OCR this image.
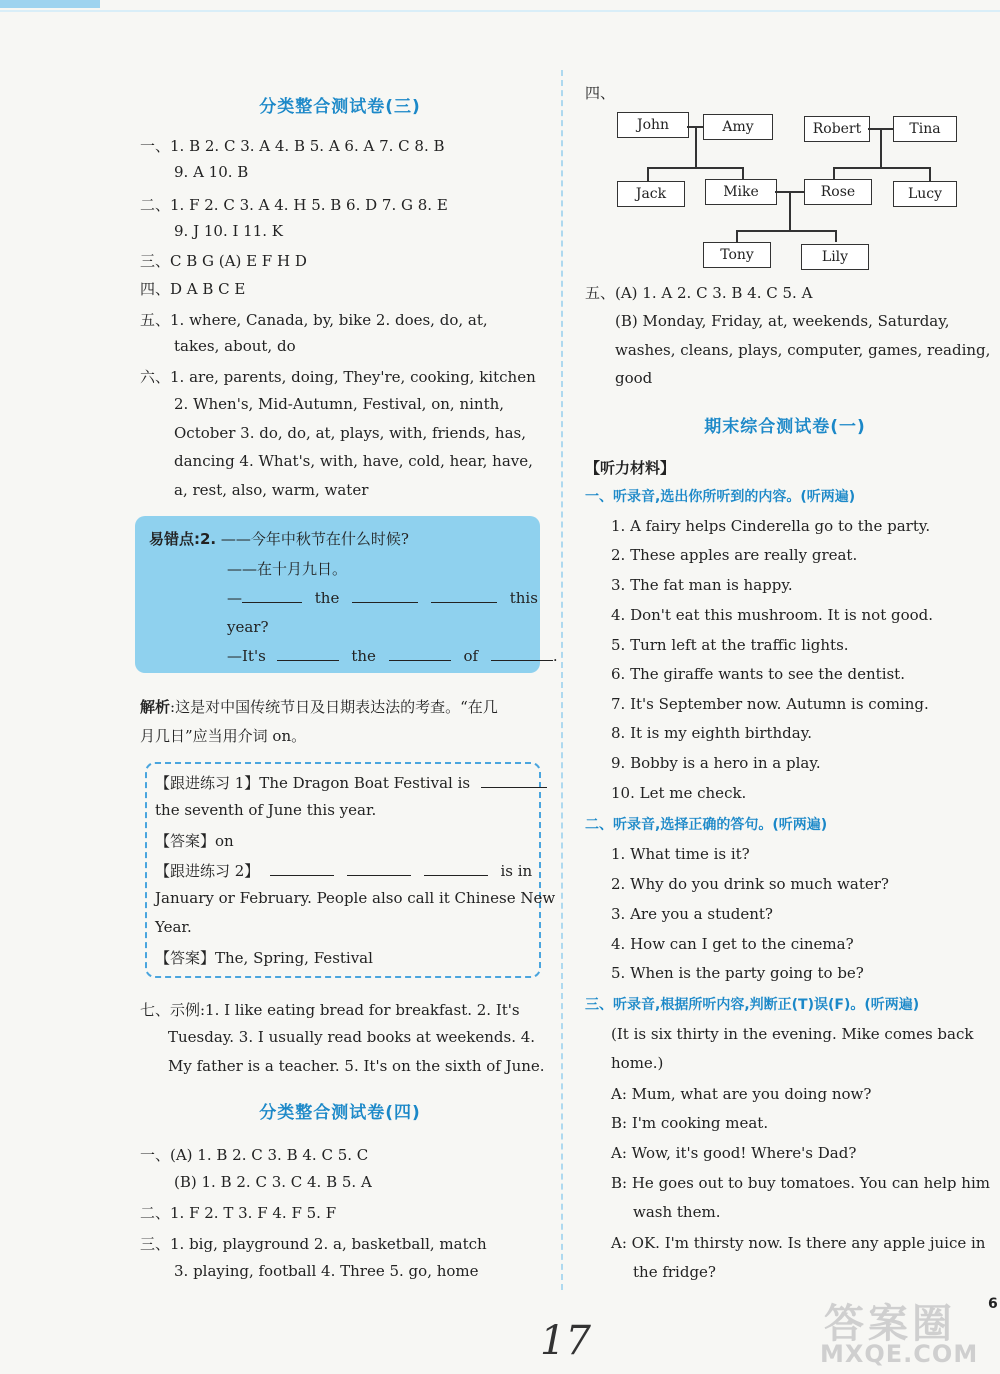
分类整合测试卷(三)
一、1. B 2. C 3. A 4. B 5. A 6. A 7. C 8. B
9. A 10. B
二、1. F 2. C 3. A 4. H 5. B 6. D 7. G 8. E
9. J 10. I 11. K
三、C B G (A) E F H D
四、D A B C E
五、1. where, Canada, by, bike 2. does, do, at,
takes, about, do
六、1. are, parents, doing, They're, cooking, kitchen
2. When's, Mid-Autumn, Festival, on, ninth,
October 3. do, do, at, plays, with, friends, has,
dancing 4. What's, with, have, cold, hear, have,
a, rest, also, warm, water
易错点:2. ——今年中秋节在什么时候?
——在十月九日。
—	the	this
year?
—It's	the	of	.
解析:这是对中国传统节日及日期表达法的考查。“在几
月几日”应当用介词 on。
【跟进练习 1】The Dragon Boat Festival is
the seventh of June this year.
【答案】on
【跟进练习 2】	is in
January or February. People also call it Chinese New
Year.
【答案】The, Spring, Festival
七、示例:1. I like eating bread for breakfast. 2. It's
Tuesday. 3. I usually read books at weekends. 4.
My father is a teacher. 5. It's on the sixth of June.
分类整合测试卷(四)
一、(A) 1. B 2. C 3. B 4. C 5. C
(B) 1. B 2. C 3. C 4. B 5. A
二、1. F 2. T 3. F 4. F 5. F
三、1. big, playground 2. a, basketball, match
3. playing, football 4. Three 5. go, home
四、
John	Amy	Robert	Tina
Jack	Mike	Rose	Lucy
Tony	Lily
五、(A) 1. A 2. C 3. B 4. C 5. A
(B) Monday, Friday, at, weekends, Saturday,
washes, cleans, plays, computer, games, reading,
good
期末综合测试卷(一)
【听力材料】
一、听录音,选出你所听到的内容。(听两遍)
1. A fairy helps Cinderella go to the party.
2. These apples are really great.
3. The fat man is happy.
4. Don't eat this mushroom. It is not good.
5. Turn left at the traffic lights.
6. The giraffe wants to see the dentist.
7. It's September now. Autumn is coming.
8. It is my eighth birthday.
9. Bobby is a hero in a play.
10. Let me check.
二、听录音,选择正确的答句。(听两遍)
1. What time is it?
2. Why do you drink so much water?
3. Are you a student?
4. How can I get to the cinema?
5. When is the party going to be?
三、听录音,根据所听内容,判断正(T)误(F)。(听两遍)
(It is six thirty in the evening. Mike comes back
home.)
A: Mum, what are you doing now?
B: I'm cooking meat.
A: Wow, it's good! Where's Dad?
B: He goes out to buy tomatoes. You can help him
wash them.
A: OK. I'm thirsty now. Is there any apple juice in
the fridge?
6
17	答案圈
MXQE.COM
